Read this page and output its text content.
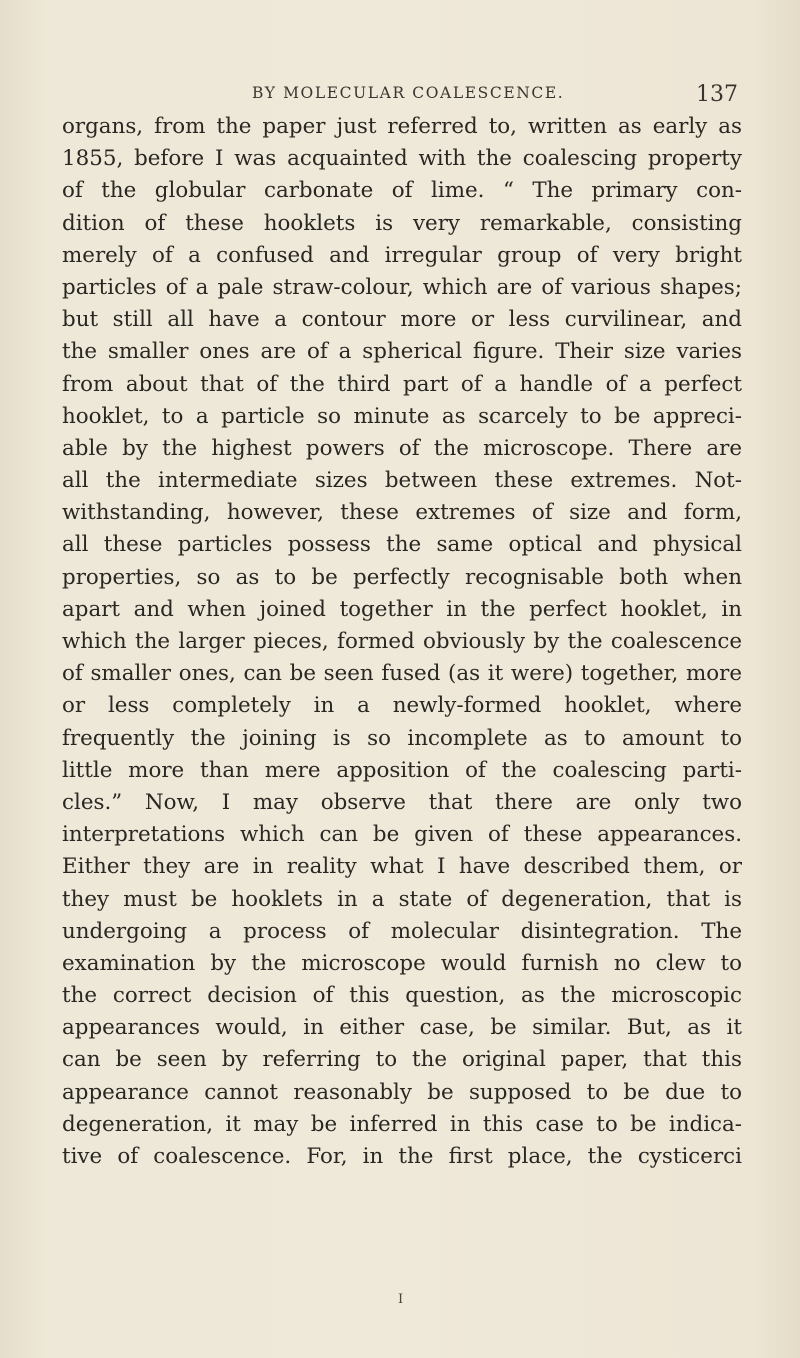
BY MOLECULAR COALESCENCE.	137
organs, from the paper just referred to, written as early as
1855, before I was acquainted with the coalescing property
of the globular carbonate of lime. “ The primary con-
dition of these hooklets is very remarkable, consisting
merely of a confused and irregular group of very bright
particles of a pale straw-colour, which are of various shapes;
but still all have a contour more or less curvilinear, and
the smaller ones are of a spherical figure. Their size varies
from about that of the third part of a handle of a perfect
hooklet, to a particle so minute as scarcely to be appreci-
able by the highest powers of the microscope. There are
all the intermediate sizes between these extremes. Not-
withstanding, however, these extremes of size and form,
all these particles possess the same optical and physical
properties, so as to be perfectly recognisable both when
apart and when joined together in the perfect hooklet, in
which the larger pieces, formed obviously by the coalescence
of smaller ones, can be seen fused (as it were) together, more
or less completely in a newly-formed hooklet, where
frequently the joining is so incomplete as to amount to
little more than mere apposition of the coalescing parti-
cles.” Now, I may observe that there are only two
interpretations which can be given of these appearances.
Either they are in reality what I have described them, or
they must be hooklets in a state of degeneration, that is
undergoing a process of molecular disintegration. The
examination by the microscope would furnish no clew to
the correct decision of this question, as the microscopic
appearances would, in either case, be similar. But, as it
can be seen by referring to the original paper, that this
appearance cannot reasonably be supposed to be due to
degeneration, it may be inferred in this case to be indica-
tive of coalescence. For, in the first place, the cysticerci
I
